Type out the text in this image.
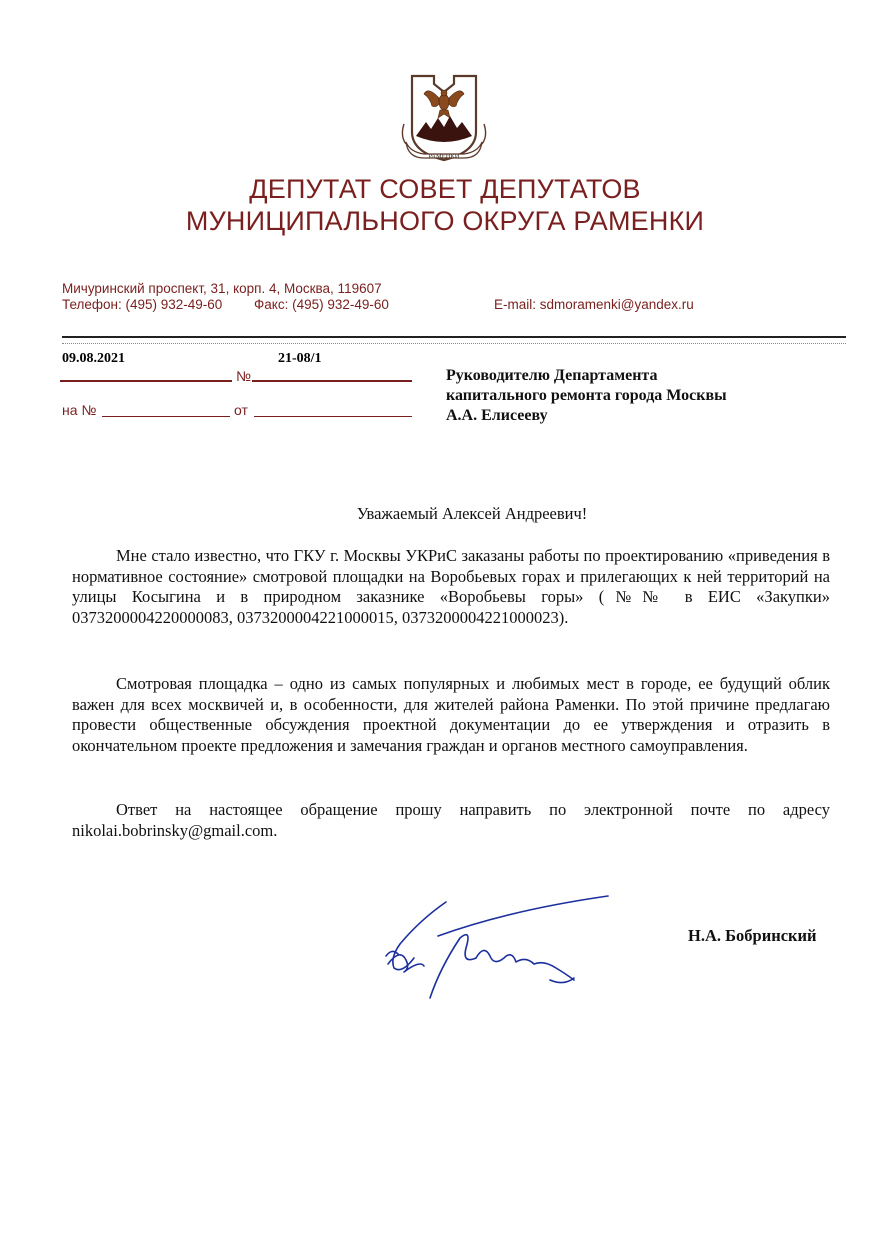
РАМЕНКИ
ДЕПУТАТ СОВЕТ ДЕПУТАТОВ
МУНИЦИПАЛЬНОГО ОКРУГА РАМЕНКИ
Мичуринский проспект, 31, корп. 4, Москва, 119607
Телефон: (495) 932-49-60 Факс: (495) 932-49-60	E-mail: sdmoramenki@yandex.ru
09.08.2021	21-08/1
№
на №	от
Руководителю Департамента
капитального ремонта города Москвы
А.А. Елисееву
Уважаемый Алексей Андреевич!
Мне стало известно, что ГКУ г. Москвы УКРиС заказаны работы по проектированию «приведения в нормативное состояние» смотровой площадки на Воробьевых горах и прилегающих к ней территорий на улицы Косыгина и в природном заказнике «Воробьевы горы» (№№ в ЕИС «Закупки» 0373200004220000083, 0373200004221000015, 0373200004221000023).
Смотровая площадка – одно из самых популярных и любимых мест в городе, ее будущий облик важен для всех москвичей и, в особенности, для жителей района Раменки. По этой причине предлагаю провести общественные обсуждения проектной документации до ее утверждения и отразить в окончательном проекте предложения и замечания граждан и органов местного самоуправления.
Ответ на настоящее обращение прошу направить по электронной почте по адресу nikolai.bobrinsky@gmail.com.
Н.А. Бобринский
